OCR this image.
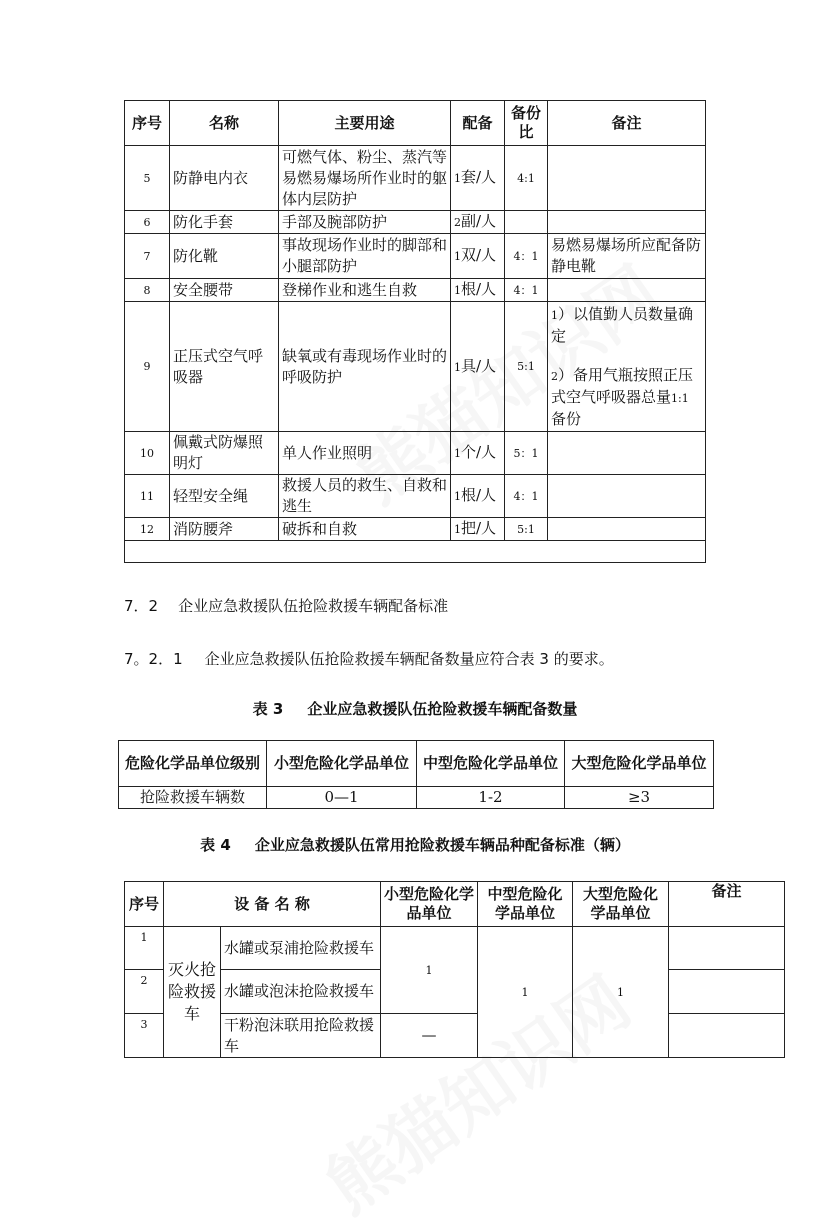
序号	名称	主要用途	配备	备份比	备注
5	防静电内衣	可燃气体、粉尘、蒸汽等易燃易爆场所作业时的躯体内层防护	1套/人	4:1	
6	防化手套	手部及腕部防护	2副/人		
7	防化靴	事故现场作业时的脚部和小腿部防护	1双/人	4：1	易燃易爆场所应配备防静电靴
8	安全腰带	登梯作业和逃生自救	1根/人	4：1	
9	正压式空气呼吸器	缺氧或有毒现场作业时的呼吸防护	1具/人	5:1	1）以值勤人员数量确定
2）备用气瓶按照正压式空气呼吸器总量1:1备份

10	佩戴式防爆照明灯	单人作业照明	1个/人	5：1	
11	轻型安全绳	救援人员的救生、自救和逃生	1根/人	4：1	
12	消防腰斧	破拆和自救	1把/人	5:1	

7．2 企业应急救援队伍抢险救援车辆配备标准
7。2．1 企业应急救援队伍抢险救援车辆配备数量应符合表 3 的要求。
表 3 企业应急救援队伍抢险救援车辆配备数量
危险化学品单位级别	小型危险化学品单位	中型危险化学品单位	大型危险化学品单位
抢险救援车辆数	0—1	1-2	≥3
表 4 企业应急救援队伍常用抢险救援车辆品种配备标准（辆）
序号	设 备 名 称		小型危险化学品单位	中型危险化学品单位	大型危险化学品单位	备注
1	灭火抢险救援车	水罐或泵浦抢险救援车	1	1	1	
2		水罐或泡沫抢险救援车				
3		干粉泡沫联用抢险救援车	—			
